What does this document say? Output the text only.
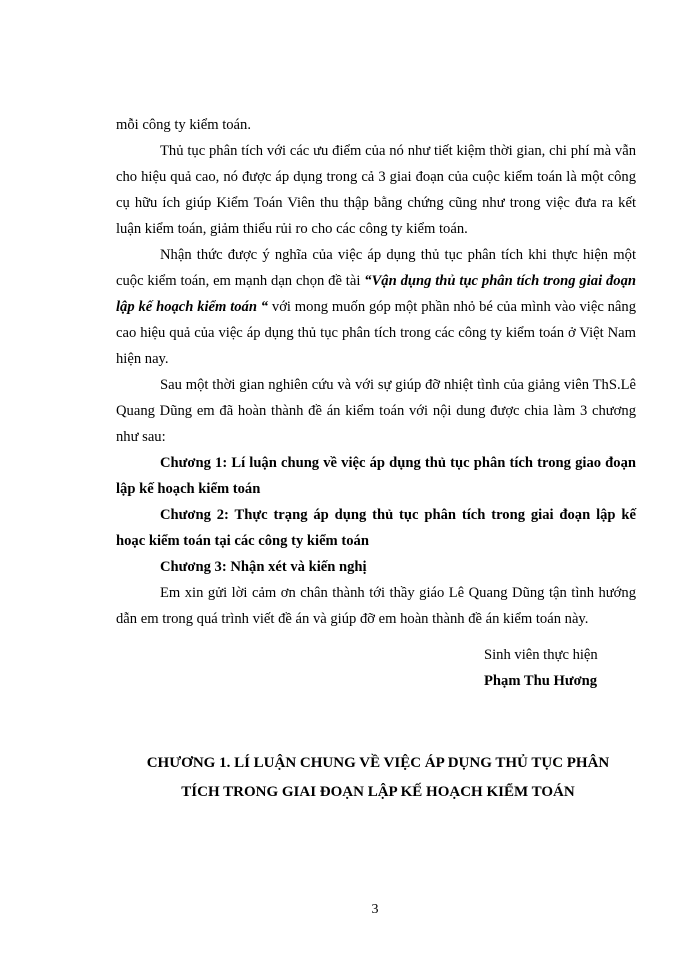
mỗi công ty kiểm toán.

Thủ tục phân tích với các ưu điểm của nó như tiết kiệm thời gian, chi phí mà vẫn cho hiệu quả cao, nó được áp dụng trong cả 3 giai đoạn của cuộc kiểm toán là một công cụ hữu ích giúp Kiểm Toán Viên thu thập bằng chứng cũng như trong việc đưa ra kết luận kiểm toán, giảm thiểu rủi ro cho các công ty kiểm toán.

Nhận thức được ý nghĩa của việc áp dụng thủ tục phân tích khi thực hiện một cuộc kiểm toán, em mạnh dạn chọn đề tài “Vận dụng thủ tục phân tích trong giai đoạn lập kế hoạch kiểm toán “ với mong muốn góp một phần nhỏ bé của mình vào việc nâng cao hiệu quả của việc áp dụng thủ tục phân tích trong các công ty kiểm toán ở Việt Nam hiện nay.

Sau một thời gian nghiên cứu và với sự giúp đỡ nhiệt tình của giảng viên ThS.Lê Quang Dũng em đã hoàn thành đề án kiểm toán với nội dung được chia làm 3 chương như sau:

Chương 1: Lí luận chung về việc áp dụng thủ tục phân tích trong giao đoạn lập kế hoạch kiểm toán

Chương 2: Thực trạng áp dụng thủ tục phân tích trong giai đoạn lập kế hoạc kiểm toán tại các công ty kiểm toán

Chương 3: Nhận xét và kiến nghị

Em xin gửi lời cảm ơn chân thành tới thầy giáo Lê Quang Dũng tận tình hướng dẫn em trong quá trình viết đề án và giúp đỡ em hoàn thành đề án kiểm toán này.

Sinh viên thực hiện
Phạm Thu Hương
CHƯƠNG 1. LÍ LUẬN CHUNG VỀ VIỆC ÁP DỤNG THỦ TỤC PHÂN
TÍCH TRONG GIAI ĐOẠN LẬP KẾ HOẠCH KIỂM TOÁN
3
